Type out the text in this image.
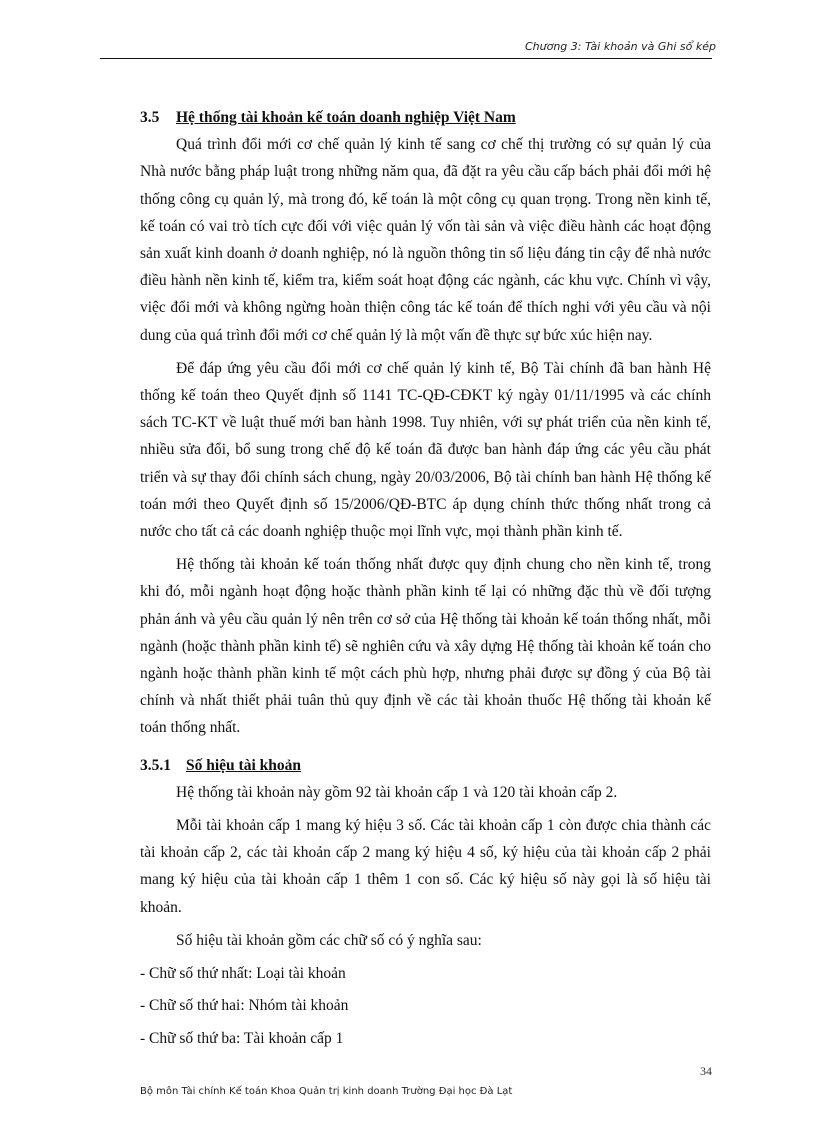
Chương 3: Tài khoản và Ghi sổ kép
3.5 Hệ thống tài khoản kế toán doanh nghiệp Việt Nam

Quá trình đổi mới cơ chế quản lý kinh tế sang cơ chế thị trường có sự quản lý của Nhà nước bằng pháp luật trong những năm qua, đã đặt ra yêu cầu cấp bách phải đổi mới hệ thống công cụ quản lý, mà trong đó, kế toán là một công cụ quan trọng. Trong nền kinh tế, kế toán có vai trò tích cực đối với việc quản lý vốn tài sản và việc điều hành các hoạt động sản xuất kinh doanh ở doanh nghiệp, nó là nguồn thông tin số liệu đáng tin cậy để nhà nước điều hành nền kinh tế, kiểm tra, kiểm soát hoạt động các ngành, các khu vực. Chính vì vậy, việc đổi mới và không ngừng hoàn thiện công tác kế toán để thích nghi với yêu cầu và nội dung của quá trình đổi mới cơ chế quản lý là một vấn đề thực sự bức xúc hiện nay.

Để đáp ứng yêu cầu đổi mới cơ chế quản lý kinh tế, Bộ Tài chính đã ban hành Hệ thống kế toán theo Quyết định số 1141 TC-QĐ-CĐKT ký ngày 01/11/1995 và các chính sách TC-KT về luật thuế mới ban hành 1998. Tuy nhiên, với sự phát triển của nền kinh tế, nhiều sửa đổi, bổ sung trong chế độ kế toán đã được ban hành đáp ứng các yêu cầu phát triển và sự thay đổi chính sách chung, ngày 20/03/2006, Bộ tài chính ban hành Hệ thống kế toán mới theo Quyết định số 15/2006/QĐ-BTC áp dụng chính thức thống nhất trong cả nước cho tất cả các doanh nghiệp thuộc mọi lĩnh vực, mọi thành phần kinh tế.

Hệ thống tài khoản kế toán thống nhất được quy định chung cho nền kinh tế, trong khi đó, mỗi ngành hoạt động hoặc thành phần kinh tế lại có những đặc thù về đối tượng phản ánh và yêu cầu quản lý nên trên cơ sở của Hệ thống tài khoản kế toán thống nhất, mỗi ngành (hoặc thành phần kinh tế) sẽ nghiên cứu và xây dựng Hệ thống tài khoản kế toán cho ngành hoặc thành phần kinh tế một cách phù hợp, nhưng phải được sự đồng ý của Bộ tài chính và nhất thiết phải tuân thủ quy định về các tài khoản thuốc Hệ thống tài khoản kế toán thống nhất.

3.5.1 Số hiệu tài khoản

Hệ thống tài khoản này gồm 92 tài khoản cấp 1 và 120 tài khoản cấp 2.

Mỗi tài khoản cấp 1 mang ký hiệu 3 số. Các tài khoản cấp 1 còn được chia thành các tài khoản cấp 2, các tài khoản cấp 2 mang ký hiệu 4 số, ký hiệu của tài khoản cấp 2 phải mang ký hiệu của tài khoản cấp 1 thêm 1 con số. Các ký hiệu số này gọi là số hiệu tài khoản.

Số hiệu tài khoản gồm các chữ số có ý nghĩa sau:

- Chữ số thứ nhất: Loại tài khoản
- Chữ số thứ hai: Nhóm tài khoản
- Chữ số thứ ba: Tài khoản cấp 1
34
Bộ môn Tài chính Kế toán Khoa Quản trị kinh doanh Trường Đại học Đà Lạt
